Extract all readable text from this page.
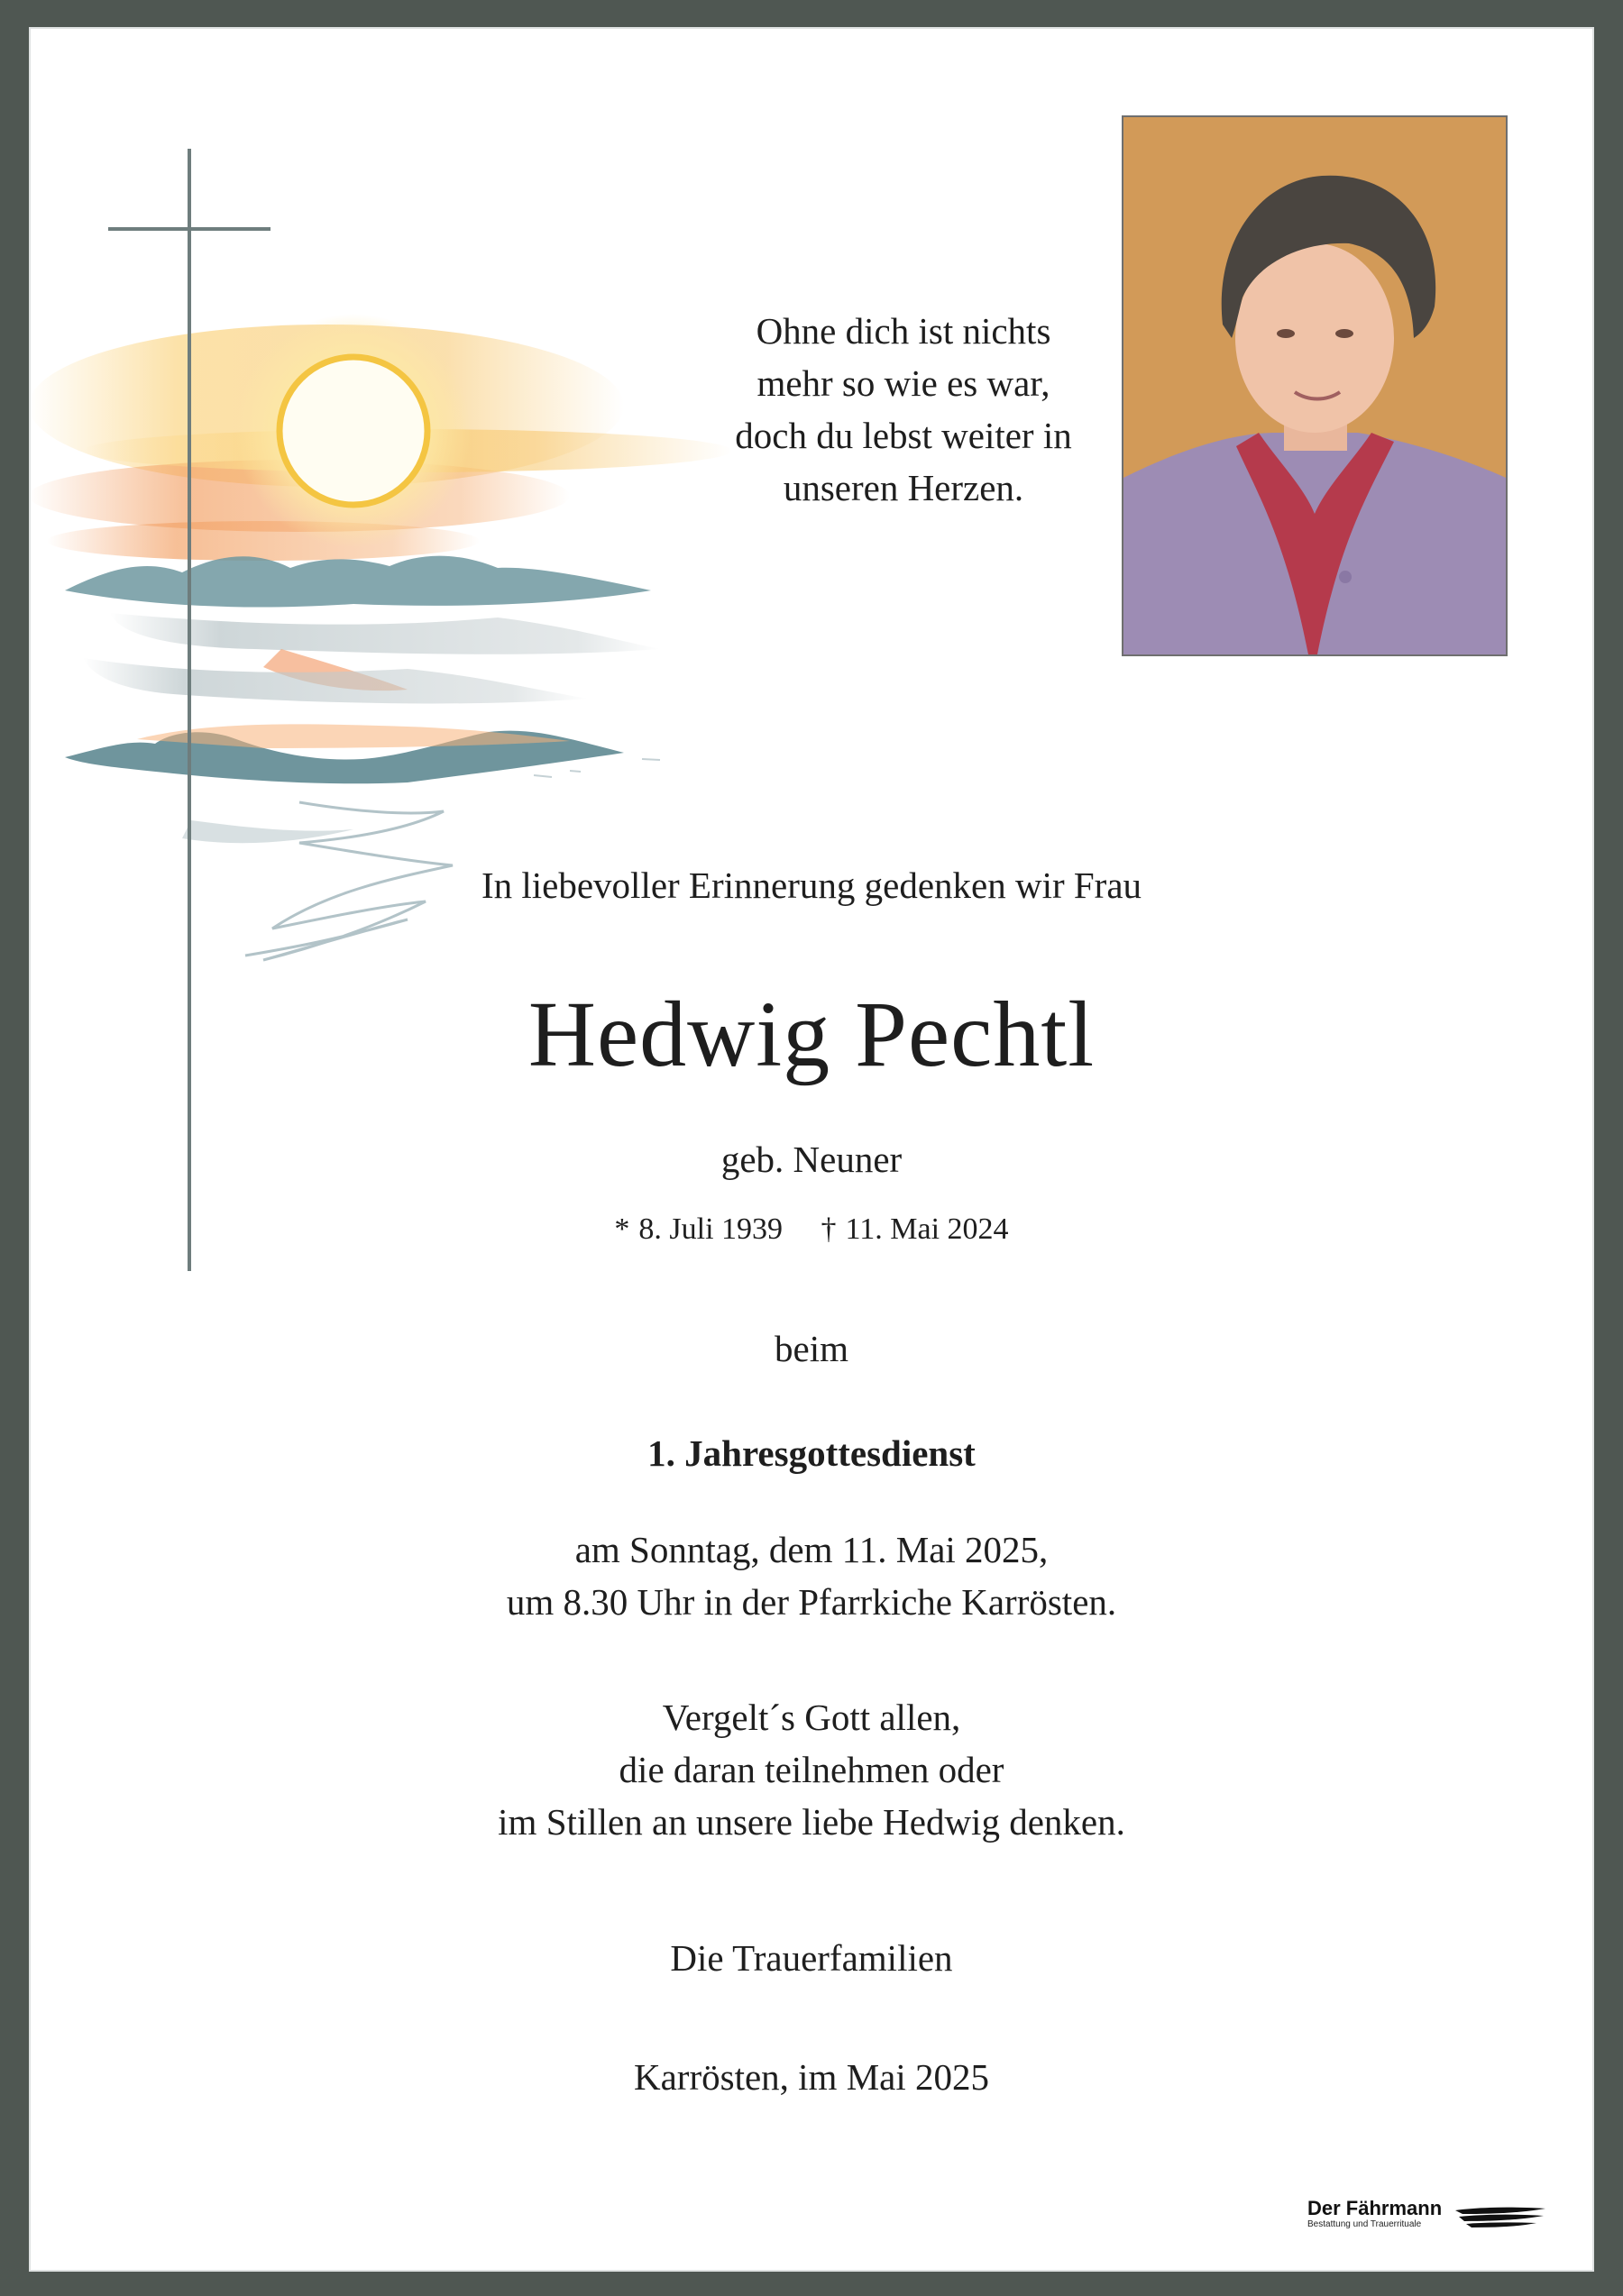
Ohne dich ist nichts
mehr so wie es war,
doch du lebst weiter in
unseren Herzen.
In liebevoller Erinnerung gedenken wir Frau
Hedwig Pechtl
geb. Neuner
* 8. Juli 1939 † 11. Mai 2024
beim
1. Jahresgottesdienst
am Sonntag, dem 11. Mai 2025,
um 8.30 Uhr in der Pfarrkiche Karrösten.
Vergelt´s Gott allen,
die daran teilnehmen oder
im Stillen an unsere liebe Hedwig denken.
Die Trauerfamilien
Karrösten, im Mai 2025
Der Fährmann
Bestattung und Trauerrituale
